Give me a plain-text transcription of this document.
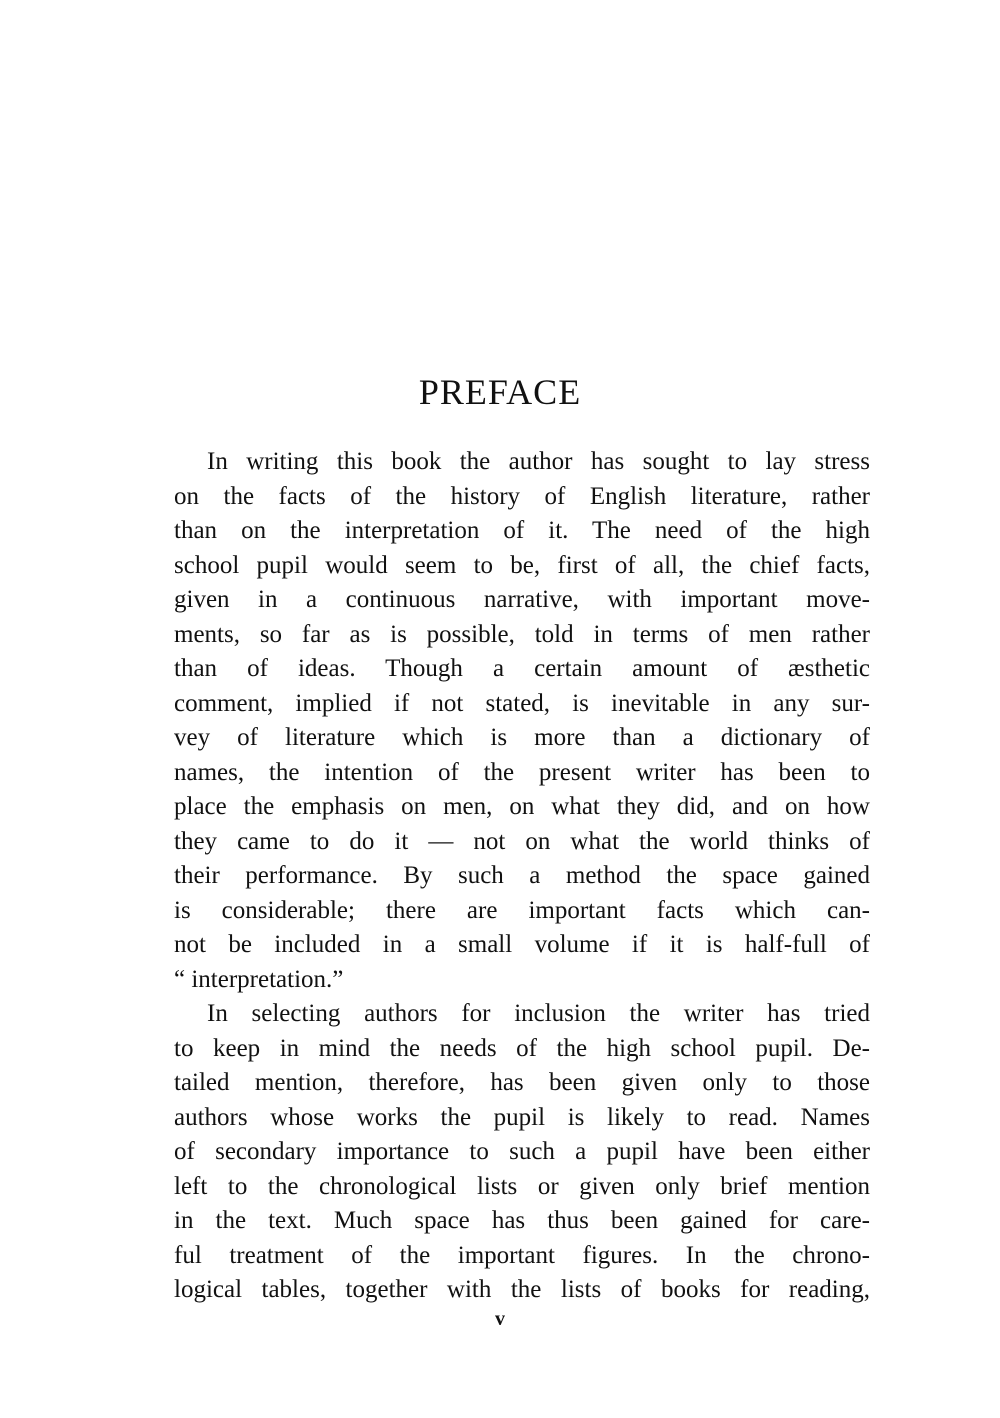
PREFACE
In writing this book the author has sought to lay stress
on the facts of the history of English literature, rather
than on the interpretation of it. The need of the high
school pupil would seem to be, first of all, the chief facts,
given in a continuous narrative, with important move-
ments, so far as is possible, told in terms of men rather
than of ideas. Though a certain amount of æsthetic
comment, implied if not stated, is inevitable in any sur-
vey of literature which is more than a dictionary of
names, the intention of the present writer has been to
place the emphasis on men, on what they did, and on how
they came to do it — not on what the world thinks of
their performance. By such a method the space gained
is considerable; there are important facts which can-
not be included in a small volume if it is half-full of
“ interpretation.”
In selecting authors for inclusion the writer has tried
to keep in mind the needs of the high school pupil. De-
tailed mention, therefore, has been given only to those
authors whose works the pupil is likely to read. Names
of secondary importance to such a pupil have been either
left to the chronological lists or given only brief mention
in the text. Much space has thus been gained for care-
ful treatment of the important figures. In the chrono-
logical tables, together with the lists of books for reading,
v
